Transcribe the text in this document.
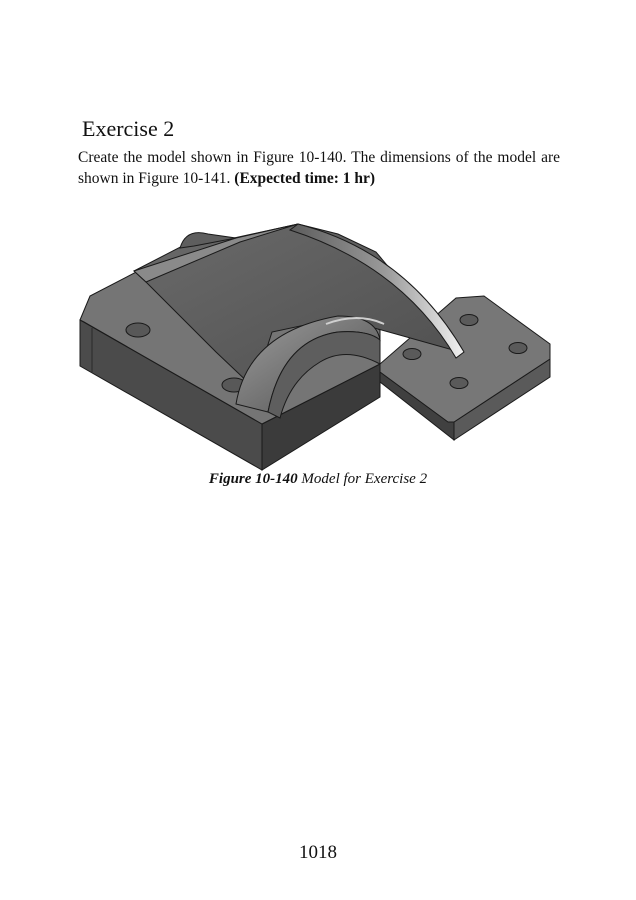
Exercise 2

Create the model shown in Figure 10-140. The dimensions of the model are shown in Figure 10-141. (Expected time: 1 hr)

Figure 10-140 Model for Exercise 2
1018
